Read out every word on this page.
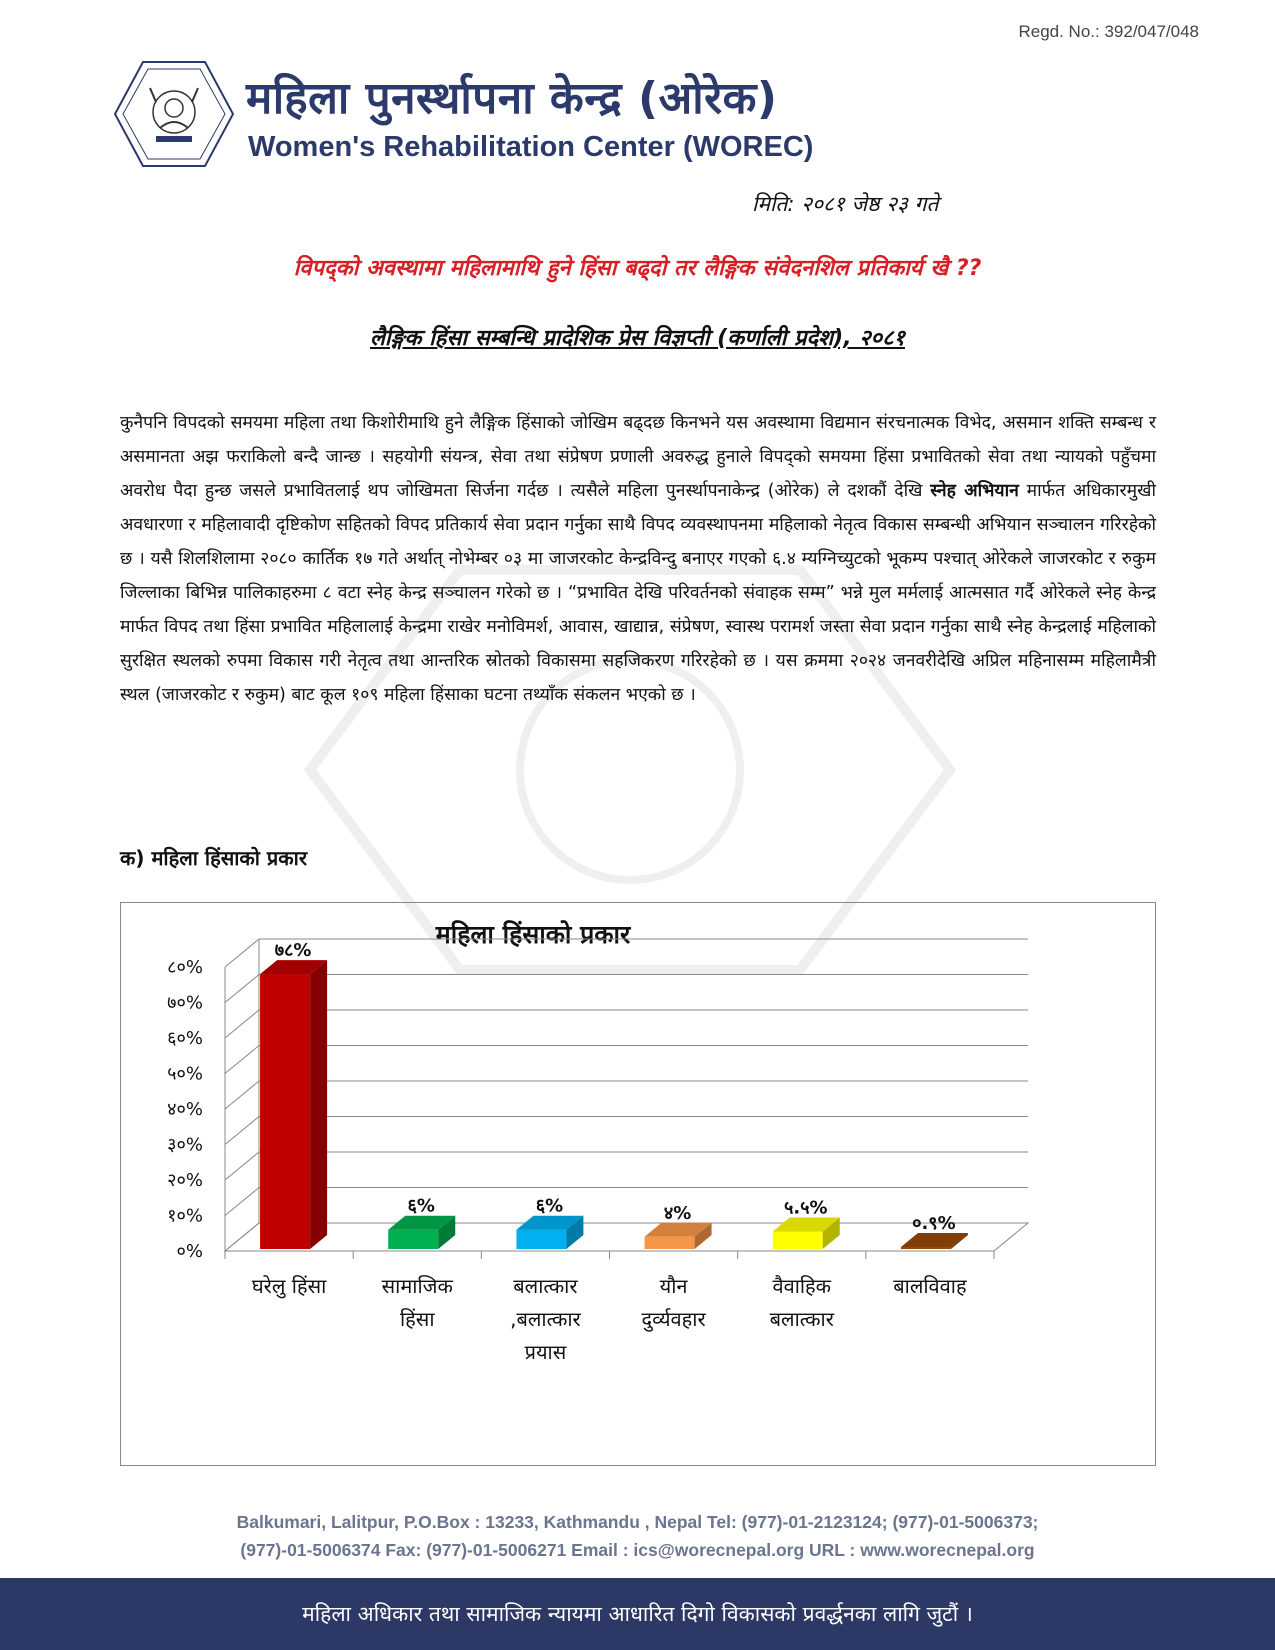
Regd. No.: 392/047/048
महिला पुनर्स्थापना केन्द्र (ओरेक)
Women's Rehabilitation Center (WOREC)
मिति: २०८१ जेष्ठ २३ गते
विपद्को अवस्थामा महिलामाथि हुने हिंसा बढ्दो तर लैङ्गिक संवेदनशिल प्रतिकार्य खै ??
लैङ्गिक हिंसा सम्बन्धि प्रादेशिक प्रेस विज्ञप्ती (कर्णाली प्रदेश), २०८१
कुनैपनि विपदको समयमा महिला तथा किशोरीमाथि हुने लैङ्गिक हिंसाको जोखिम बढ्दछ किनभने यस अवस्थामा विद्यमान संरचनात्मक विभेद, असमान शक्ति सम्बन्ध र असमानता अझ फराकिलो बन्दै जान्छ । सहयोगी संयन्त्र, सेवा तथा संप्रेषण प्रणाली अवरुद्ध हुनाले विपद्को समयमा हिंसा प्रभावितको सेवा तथा न्यायको पहुँचमा अवरोध पैदा हुन्छ जसले प्रभावितलाई थप जोखिमता सिर्जना गर्दछ । त्यसैले महिला पुनर्स्थापनाकेन्द्र (ओरेक) ले दशकौं देखि स्नेह अभियान मार्फत अधिकारमुखी अवधारणा र महिलावादी दृष्टिकोण सहितको विपद प्रतिकार्य सेवा प्रदान गर्नुका साथै विपद व्यवस्थापनमा महिलाको नेतृत्व विकास सम्बन्धी अभियान सञ्चालन गरिरहेको छ । यसै शिलशिलामा २०८० कार्तिक १७ गते अर्थात् नोभेम्बर ०३ मा जाजरकोट केन्द्रविन्दु बनाएर गएको ६.४ म्यग्निच्युटको भूकम्प पश्चात् ओरेकले जाजरकोट र रुकुम जिल्लाका बिभिन्न पालिकाहरुमा ८ वटा स्नेह केन्द्र सञ्चालन गरेको छ । “प्रभावित देखि परिवर्तनको संवाहक सम्म” भन्ने मुल मर्मलाई आत्मसात गर्दै ओरेकले स्नेह केन्द्र मार्फत विपद तथा हिंसा प्रभावित महिलालाई केन्द्रमा राखेर मनोविमर्श, आवास, खाद्यान्न, संप्रेषण, स्वास्थ परामर्श जस्ता सेवा प्रदान गर्नुका साथै स्नेह केन्द्रलाई महिलाको सुरक्षित स्थलको रुपमा विकास गरी नेतृत्व तथा आन्तरिक स्रोतको विकासमा सहजिकरण गरिरहेको छ । यस क्रममा २०२४ जनवरीदेखि अप्रिल महिनासम्म महिलामैत्री स्थल (जाजरकोट र रुकुम) बाट कूल १०९ महिला हिंसाका घटना तथ्याँक संकलन भएको छ ।
क) महिला हिंसाको प्रकार
महिला हिंसाको प्रकार
०%
१०%
२०%
३०%
४०%
५०%
६०%
७०%
८०%
७८%
घरेलु हिंसा
६%
सामाजिक
हिंसा
६%
बलात्कार
,बलात्कार
प्रयास
४%
यौन
दुर्व्यवहार
५.५%
वैवाहिक
बलात्कार
०.९%
बालविवाह
Balkumari, Lalitpur, P.O.Box : 13233, Kathmandu , Nepal Tel: (977)-01-2123124; (977)-01-5006373;
(977)-01-5006374 Fax: (977)-01-5006271 Email : ics@worecnepal.org URL : www.worecnepal.org
महिला अधिकार तथा सामाजिक न्यायमा आधारित दिगो विकासको प्रवर्द्धनका लागि जुटौं ।
